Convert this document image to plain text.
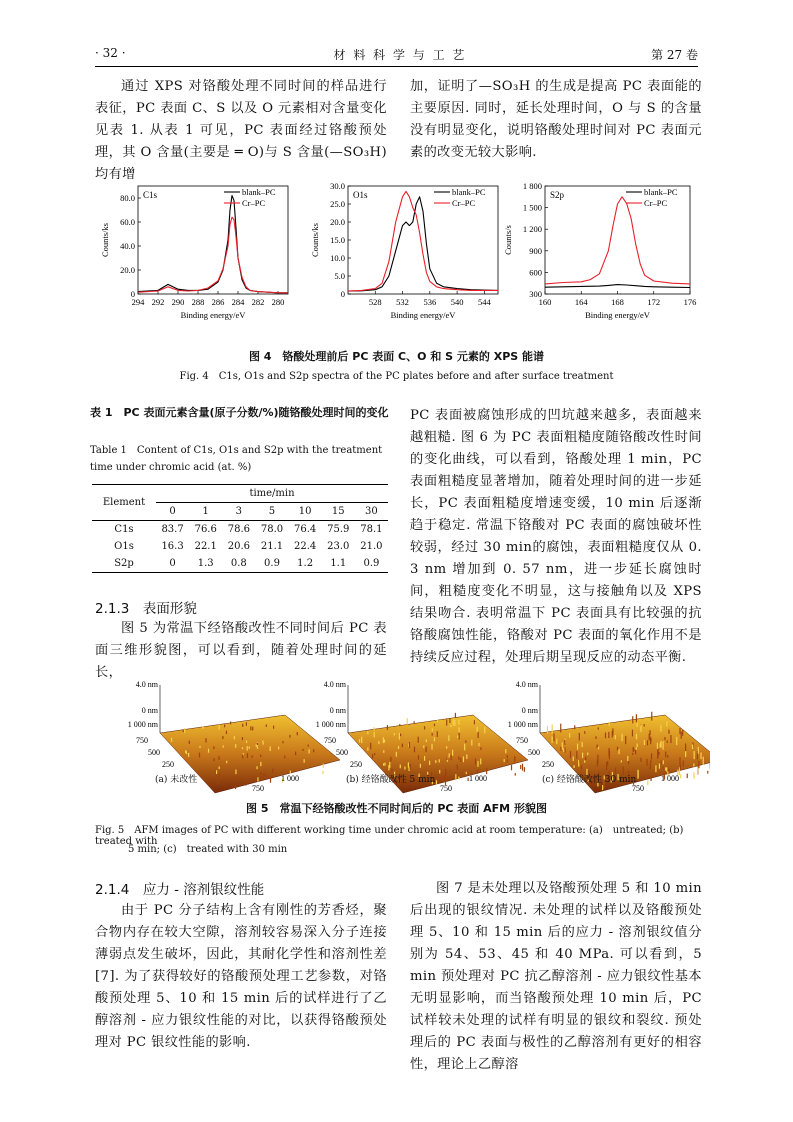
· 32 ·	材 料 科 学 与 工 艺	第 27 卷
通过 XPS 对铬酸处理不同时间的样品进行表征，PC 表面 C、S 以及 O 元素相对含量变化见表 1. 从表 1 可见，PC 表面经过铬酸预处理，其 O 含量(主要是 ═ O)与 S 含量(—SO₃H)均有增
加，证明了—SO₃H 的生成是提高 PC 表面能的主要原因. 同时，延长处理时间，O 与 S 的含量没有明显变化，说明铬酸处理时间对 PC 表面元素的改变无较大影响.
294 292 290 288 286 284 282 280
0
20.0
40.0
60.0
80.0
Binding energy/eV
Counts/ks
C1s	blank–PC
Cr–PC
528 532 536 540 544
0
5.0
10.0
15.0
20.0
25.0
30.0
Binding energy/eV
Counts/ks
O1s	blank–PC
Cr–PC
160	164	168	172	176
300
600
900
1 200
1 500
1 800
Binding energy/eV
Counts/s
S2p	blank–PC
Cr–PC
图 4　铬酸处理前后 PC 表面 C、O 和 S 元素的 XPS 能谱
Fig. 4　C1s, O1s and S2p spectra of the PC plates before and after surface treatment
表 1　PC 表面元素含量(原子分数/%)随铬酸处理时间的变化
Table 1　Content of C1s, O1s and S2p with the treatment time under chromic acid (at. %)
Element	time/min						
	0	1	3	5	10	15	30
C1s	83.7	76.6	78.6	78.0	76.4	75.9	78.1
O1s	16.3	22.1	20.6	21.1	22.4	23.0	21.0
S2p	0	1.3	0.8	0.9	1.2	1.1	0.9
2.1.3　表面形貌
图 5 为常温下经铬酸改性不同时间后 PC 表面三维形貌图，可以看到，随着处理时间的延长，
PC 表面被腐蚀形成的凹坑越来越多，表面越来越粗糙. 图 6 为 PC 表面粗糙度随铬酸改性时间的变化曲线，可以看到，铬酸处理 1 min，PC 表面粗糙度显著增加，随着处理时间的进一步延长，PC 表面粗糙度增速变缓，10 min 后逐渐趋于稳定. 常温下铬酸对 PC 表面的腐蚀破坏性较弱，经过 30 min的腐蚀，表面粗糙度仅从 0. 3 nm 增加到 0. 57 nm，进一步延长腐蚀时间，粗糙度变化不明显，这与接触角以及 XPS 结果吻合. 表明常温下 PC 表面具有比较强的抗铬酸腐蚀性能，铬酸对 PC 表面的氧化作用不是持续反应过程，处理后期呈现反应的动态平衡.
4.0 nm
0 nm
1 000 nm
750
500
250
750
1 000
4.0 nm
0 nm
1 000 nm
750
500
250
750
1 000
4.0 nm
0 nm
1 000 nm
750
500
250
750
1 000
(a) 未改性	(b) 经铬酸改性 5 min	(c) 经铬酸改性 30 min
图 5　常温下经铬酸改性不同时间后的 PC 表面 AFM 形貌图
Fig. 5　AFM images of PC with different working time under chromic acid at room temperature: (a)　untreated; (b)　treated with
5 min; (c)　treated with 30 min
2.1.4　应力 - 溶剂银纹性能
由于 PC 分子结构上含有刚性的芳香烃，聚合物内存在较大空隙，溶剂较容易深入分子连接薄弱点发生破坏，因此，其耐化学性和溶剂性差[7]. 为了获得较好的铬酸预处理工艺参数，对铬酸预处理 5、10 和 15 min 后的试样进行了乙醇溶剂 - 应力银纹性能的对比，以获得铬酸预处理对 PC 银纹性能的影响.
图 7 是未处理以及铬酸预处理 5 和 10 min 后出现的银纹情况. 未处理的试样以及铬酸预处理 5、10 和 15 min 后的应力 - 溶剂银纹值分别为 54、53、45 和 40 MPa. 可以看到，5 min 预处理对 PC 抗乙醇溶剂 - 应力银纹性基本无明显影响，而当铬酸预处理 10 min 后，PC 试样较未处理的试样有明显的银纹和裂纹. 预处理后的 PC 表面与极性的乙醇溶剂有更好的相容性，理论上乙醇溶
